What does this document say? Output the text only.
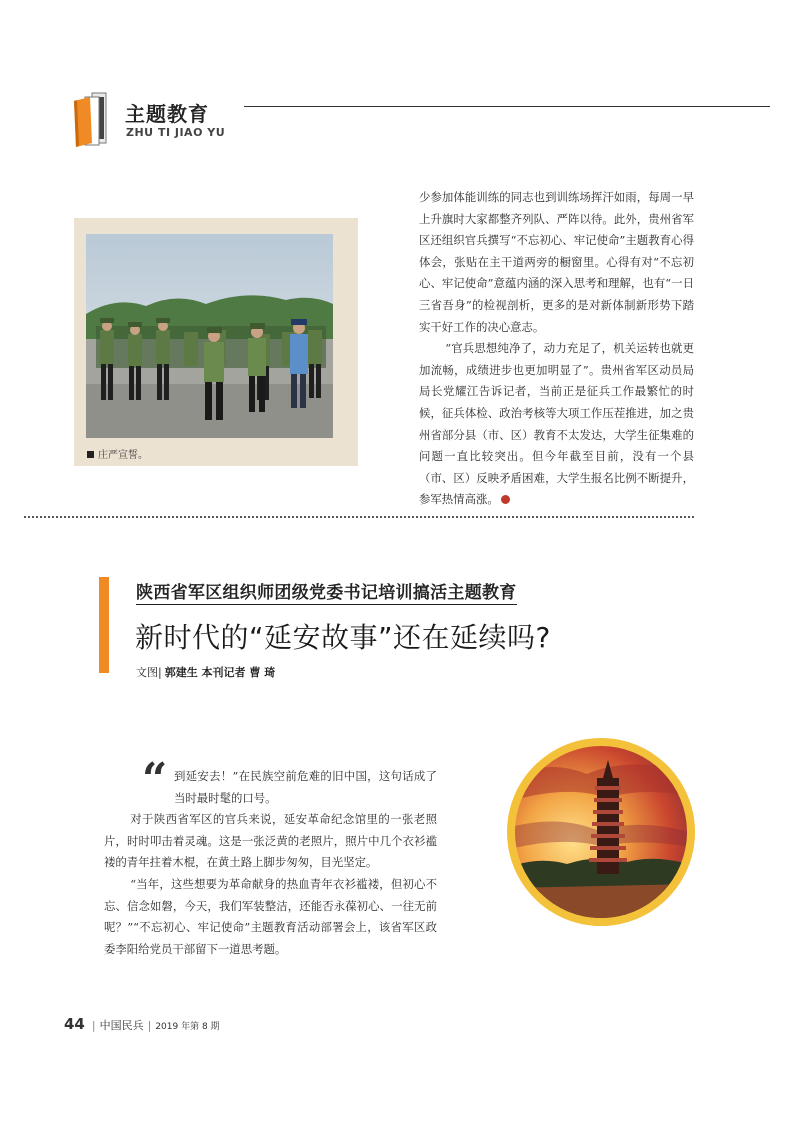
主题教育
ZHU TI JIAO YU
庄严宣誓。

少参加体能训练的同志也到训练场挥汗如雨，每周一早上升旗时大家都整齐列队、严阵以待。此外，贵州省军区还组织官兵撰写“不忘初心、牢记使命”主题教育心得体会，张贴在主干道两旁的橱窗里。心得有对“不忘初心、牢记使命”意蕴内涵的深入思考和理解，也有“一日三省吾身”的检视剖析，更多的是对新体制新形势下踏实干好工作的决心意志。

“官兵思想纯净了，动力充足了，机关运转也就更加流畅，成绩进步也更加明显了”。贵州省军区动员局局长党耀江告诉记者，当前正是征兵工作最繁忙的时候，征兵体检、政治考核等大项工作压茬推进，加之贵州省部分县（市、区）教育不太发达，大学生征集难的问题一直比较突出。但今年截至目前，没有一个县（市、区）反映矛盾困难，大学生报名比例不断提升，参军热情高涨。	M

陕西省军区组织师团级党委书记培训搞活主题教育
新时代的“延安故事”还在延续吗?
文图| 郭建生 本刊记者 曹 琦
“ 到延安去！”在民族空前危难的旧中国，这句话成了当时最时髦的口号。

对于陕西省军区的官兵来说，延安革命纪念馆里的一张老照片，时时叩击着灵魂。这是一张泛黄的老照片，照片中几个衣衫褴褛的青年拄着木棍，在黄土路上脚步匆匆，目光坚定。

“当年，这些想要为革命献身的热血青年衣衫褴褛，但初心不忘、信念如磐，今天，我们军装整洁，还能否永葆初心、一往无前呢？”“不忘初心、牢记使命”主题教育活动部署会上，该省军区政委李阳给党员干部留下一道思考题。

44 | 中国民兵 | 2019 年第 8 期
